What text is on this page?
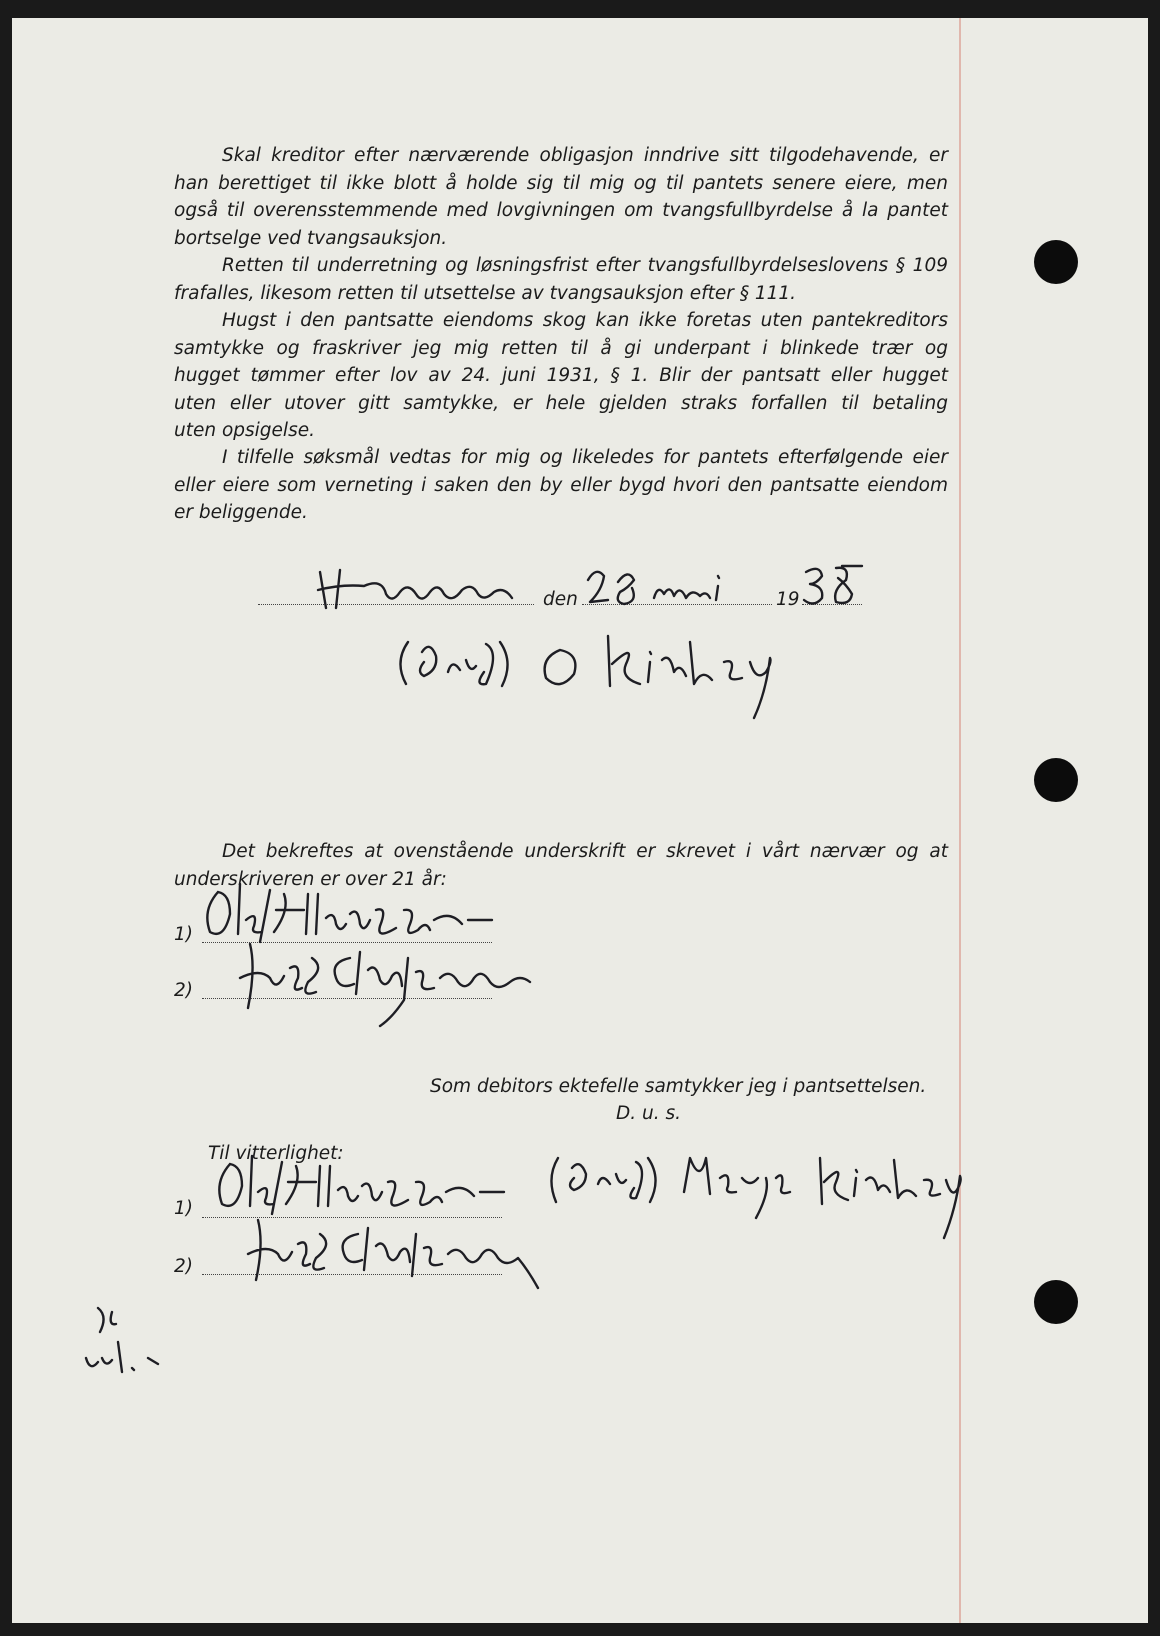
Skal kreditor efter nærværende obligasjon inndrive sitt tilgodehavende, er
han berettiget til ikke blott å holde sig til mig og til pantets senere eiere, men
også til overensstemmende med lovgivningen om tvangsfullbyrdelse å la pantet
bortselge ved tvangsauksjon.
Retten til underretning og løsningsfrist efter tvangsfullbyrdelseslovens § 109
frafalles, likesom retten til utsettelse av tvangsauksjon efter § 111.
Hugst i den pantsatte eiendoms skog kan ikke foretas uten pantekreditors
samtykke og fraskriver jeg mig retten til å gi underpant i blinkede trær og
hugget tømmer efter lov av 24. juni 1931, § 1. Blir der pantsatt eller hugget
uten eller utover gitt samtykke, er hele gjelden straks forfallen til betaling
uten opsigelse.
I tilfelle søksmål vedtas for mig og likeledes for pantets efterfølgende eier
eller eiere som verneting i saken den by eller bygd hvori den pantsatte eiendom
er beliggende.
den	19
Det bekreftes at ovenstående underskrift er skrevet i vårt nærvær og at
underskriveren er over 21 år:
1)
2)
Som debitors ektefelle samtykker jeg i pantsettelsen.
D. u. s.
Til vitterlighet:
1)
2)
